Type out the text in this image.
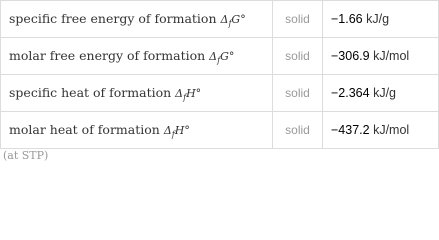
specific free energy of formation $\Delta_fG^\circ$	solid	−1.66 kJ/g
molar free energy of formation $\Delta_fG^\circ$	solid	−306.9 kJ/mol
specific heat of formation $\Delta_fH^\circ$	solid	−2.364 kJ/g
molar heat of formation $\Delta_fH^\circ$	solid	−437.2 kJ/mol
(at STP)
